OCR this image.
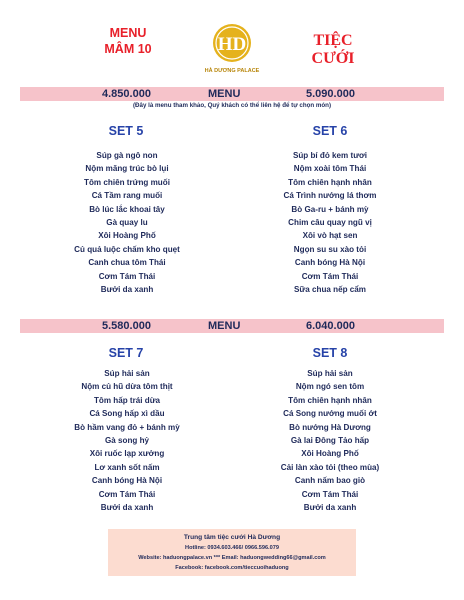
MENU
MÂM 10	HD
HÀ DƯƠNG PALACE
TIỆC CƯỚI
4.850.000	MENU	5.090.000
(Đây là menu tham khảo, Quý khách có thể liên hệ để tự chọn món)
SET 5
Súp gà ngô non
Nộm măng trúc bò lụi
Tôm chiên trứng muối
Cá Tầm rang muối
Bò lúc lắc khoai tây
Gà quay lu
Xôi Hoàng Phố
Củ quả luộc chấm kho quẹt
Canh chua tôm Thái
Cơm Tám Thái
Bưởi da xanh
SET 6
Súp bí đỏ kem tươi
Nộm xoài tôm Thái
Tôm chiên hạnh nhân
Cá Trình nướng lá thơm
Bò Ga-ru + bánh mỳ
Chim câu quay ngũ vị
Xôi vò hạt sen
Ngọn su su xào tỏi
Canh bóng Hà Nội
Cơm Tám Thái
Sữa chua nếp cẩm
5.580.000	MENU	6.040.000
SET 7
Súp hải sản
Nộm củ hũ dừa tôm thịt
Tôm hấp trái dừa
Cá Song hấp xì dầu
Bò hầm vang đỏ + bánh mỳ
Gà song hỷ
Xôi ruốc lạp xưởng
Lơ xanh sốt nấm
Canh bóng Hà Nội
Cơm Tám Thái
Bưởi da xanh
SET 8
Súp hải sản
Nộm ngó sen tôm
Tôm chiên hạnh nhân
Cá Song nướng muối ớt
Bò nướng Hà Dương
Gà lai Đông Tảo hấp
Xôi Hoàng Phố
Cải làn xào tỏi (theo mùa)
Canh nấm bao giò
Cơm Tám Thái
Bưởi da xanh
Trung tâm tiệc cưới Hà Dương
Hotline: 0934.603.466/ 0966.596.079
Website: haduongpalace.vn *** Email: haduongwedding66@gmail.com
Facebook: facebook.com/tieccuoihaduong
